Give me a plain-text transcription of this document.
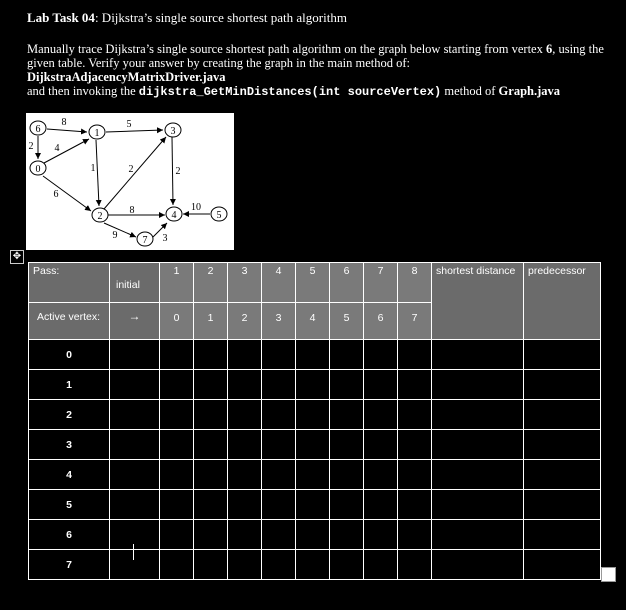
Lab Task 04: Dijkstra’s single source shortest path algorithm
Manually trace Dijkstra’s single source shortest path algorithm on the graph below starting from vertex 6, using the given table. Verify your answer by creating the graph in the main method of:
DijkstraAdjacencyMatrixDriver.java
and then invoking the dijkstra_GetMinDistances(int sourceVertex) method of Graph.java
6	1	3
0
2	4
7
5
8	5
2 4
1	2
6
8
9	3
10
2
✥
Pass:	initial	1	2	3	4	5	6	7	8	shortest distance	predecessor
Active vertex:	→	0	1	2	3	4	5	6	7		
0											
1											
2											
3											
4											
5											
6											
7											
